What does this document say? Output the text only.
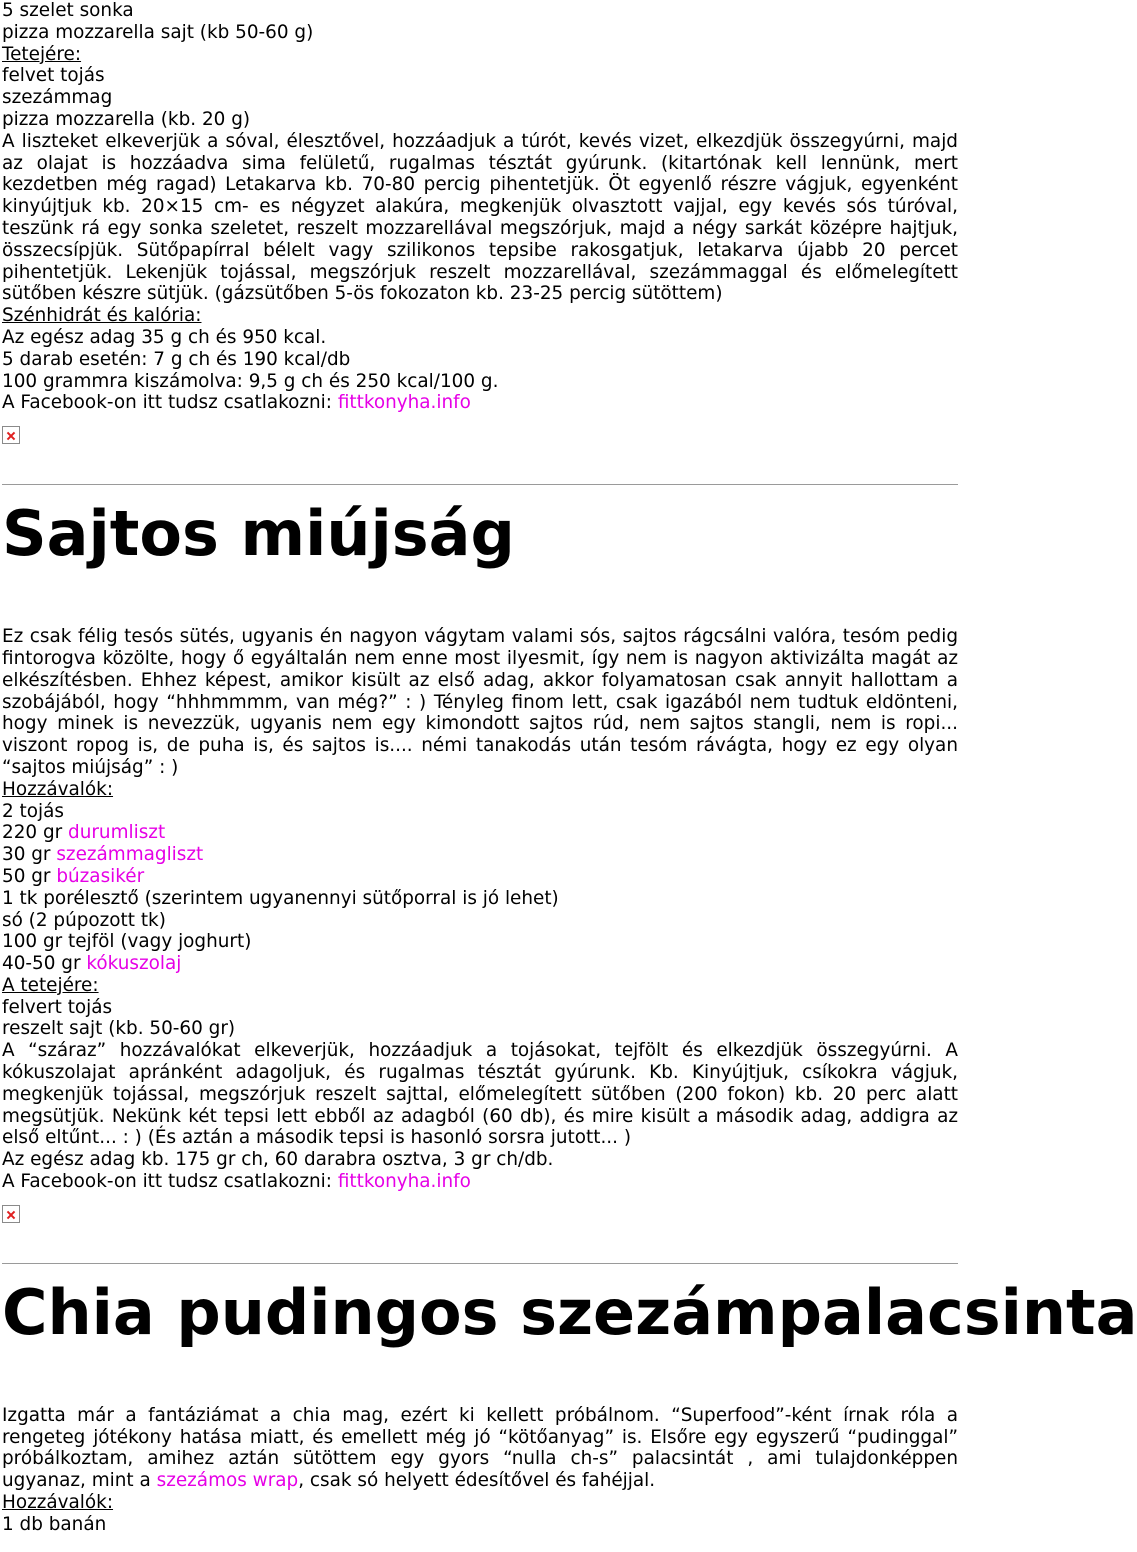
5 szelet sonka
pizza mozzarella sajt (kb 50-60 g)
Tetejére:
felvet tojás
szezámmag
pizza mozzarella (kb. 20 g)

A liszteket elkeverjük a sóval, élesztővel, hozzáadjuk a túrót, kevés vizet, elkezdjük összegyúrni, majd az olajat is hozzáadva sima felületű, rugalmas tésztát gyúrunk. (kitartónak kell lennünk, mert kezdetben még ragad) Letakarva kb. 70-80 percig pihentetjük. Öt egyenlő részre vágjuk, egyenként kinyújtjuk kb. 20×15 cm- es négyzet alakúra, megkenjük olvasztott vajjal, egy kevés sós túróval, teszünk rá egy sonka szeletet, reszelt mozzarellával megszórjuk, majd a négy sarkát középre hajtjuk, összecsípjük. Sütőpapírral bélelt vagy szilikonos tepsibe rakosgatjuk, letakarva újabb 20 percet pihentetjük. Lekenjük tojással, megszórjuk reszelt mozzarellával, szezámmaggal és előmelegített sütőben készre sütjük. (gázsütőben 5-ös fokozaton kb. 23-25 percig sütöttem)

Szénhidrát és kalória:
Az egész adag 35 g ch és 950 kcal.
5 darab esetén: 7 g ch és 190 kcal/db
100 grammra kiszámolva: 9,5 g ch és 250 kcal/100 g.
A Facebook-on itt tudsz csatlakozni: fittkonyha.info
Sajtos miújság

Ez csak félig tesós sütés, ugyanis én nagyon vágytam valami sós, sajtos rágcsálni valóra, tesóm pedig fintorogva közölte, hogy ő egyáltalán nem enne most ilyesmit, így nem is nagyon aktivizálta magát az elkészítésben. Ehhez képest, amikor kisült az első adag, akkor folyamatosan csak annyit hallottam a szobájából, hogy “hhhmmmm, van még?” : ) Tényleg finom lett, csak igazából nem tudtuk eldönteni, hogy minek is nevezzük, ugyanis nem egy kimondott sajtos rúd, nem sajtos stangli, nem is ropi... viszont ropog is, de puha is, és sajtos is.... némi tanakodás után tesóm rávágta, hogy ez egy olyan “sajtos miújság” : )

Hozzávalók:
2 tojás
220 gr durumliszt
30 gr szezámmagliszt
50 gr búzasikér
1 tk porélesztő (szerintem ugyanennyi sütőporral is jó lehet)
só (2 púpozott tk)
100 gr tejföl (vagy joghurt)
40-50 gr kókuszolaj
A tetejére:
felvert tojás
reszelt sajt (kb. 50-60 gr)

A “száraz” hozzávalókat elkeverjük, hozzáadjuk a tojásokat, tejfölt és elkezdjük összegyúrni. A kókuszolajat apránként adagoljuk, és rugalmas tésztát gyúrunk. Kb. Kinyújtjuk, csíkokra vágjuk, megkenjük tojással, megszórjuk reszelt sajttal, előmelegített sütőben (200 fokon) kb. 20 perc alatt megsütjük. Nekünk két tepsi lett ebből az adagból (60 db), és mire kisült a második adag, addigra az első eltűnt... : ) (És aztán a második tepsi is hasonló sorsra jutott... )

Az egész adag kb. 175 gr ch, 60 darabra osztva, 3 gr ch/db.
A Facebook-on itt tudsz csatlakozni: fittkonyha.info
Chia pudingos szezámpalacsinta

Izgatta már a fantáziámat a chia mag, ezért ki kellett próbálnom. “Superfood”-ként írnak róla a rengeteg jótékony hatása miatt, és emellett még jó “kötőanyag” is. Elsőre egy egyszerű “pudinggal” próbálkoztam, amihez aztán sütöttem egy gyors “nulla ch-s” palacsintát , ami tulajdonképpen ugyanaz, mint a szezámos wrap, csak só helyett édesítővel és fahéjjal.

Hozzávalók:
1 db banán
